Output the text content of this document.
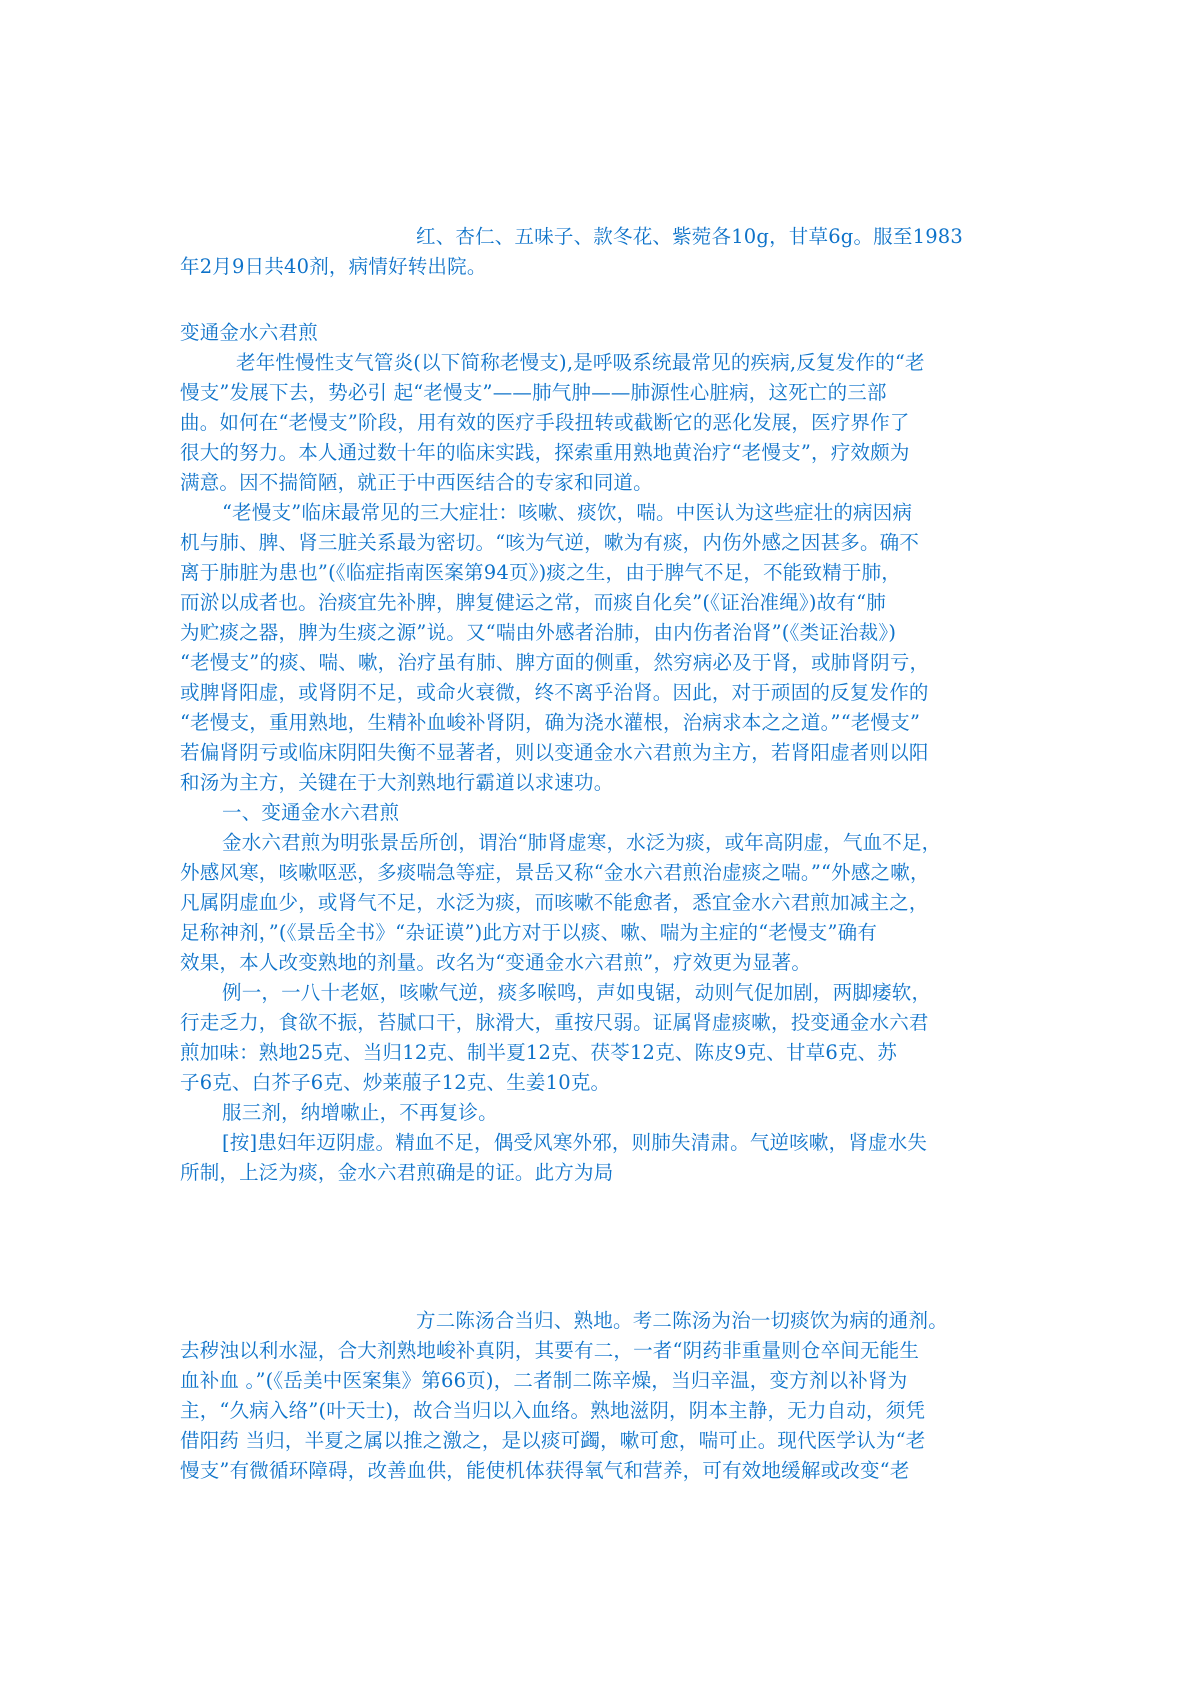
红、杏仁、五味子、款冬花、紫菀各10g，甘草6g。服至1983
年2月9日共40剂，病情好转出院。
变通金水六君煎
老年性慢性支气管炎(以下简称老慢支),是呼吸系统最常见的疾病,反复发作的“老
慢支”发展下去，势必引 起“老慢支”——肺气肿——肺源性心脏病，这死亡的三部
曲。如何在“老慢支”阶段，用有效的医疗手段扭转或截断它的恶化发展，医疗界作了
很大的努力。本人通过数十年的临床实践，探索重用熟地黄治疗“老慢支”，疗效颇为
满意。因不揣简陋，就正于中西医结合的专家和同道。
“老慢支”临床最常见的三大症壮：咳嗽、痰饮，喘。中医认为这些症壮的病因病
机与肺、脾、肾三脏关系最为密切。“咳为气逆，嗽为有痰，内伤外感之因甚多。确不
离于肺脏为患也”(《临症指南医案第94页》)痰之生，由于脾气不足，不能致精于肺，
而淤以成者也。治痰宜先补脾，脾复健运之常，而痰自化矣”(《证治准绳》)故有“肺
为贮痰之器，脾为生痰之源”说。又“喘由外感者治肺，由内伤者治肾”(《类证治裁》)
“老慢支”的痰、喘、嗽，治疗虽有肺、脾方面的侧重，然穷病必及于肾，或肺肾阴亏，
或脾肾阳虚，或肾阴不足，或命火衰微，终不离乎治肾。因此，对于顽固的反复发作的
“老慢支，重用熟地，生精补血峻补肾阴，确为浇水灌根，治病求本之之道。”“老慢支”
若偏肾阴亏或临床阴阳失衡不显著者，则以变通金水六君煎为主方，若肾阳虚者则以阳
和汤为主方，关键在于大剂熟地行霸道以求速功。
一、变通金水六君煎
金水六君煎为明张景岳所创，谓治“肺肾虚寒，水泛为痰，或年高阴虚，气血不足，
外感风寒，咳嗽呕恶，多痰喘急等症，景岳又称“金水六君煎治虚痰之喘。”“外感之嗽，
凡属阴虚血少，或肾气不足，水泛为痰，而咳嗽不能愈者，悉宜金水六君煎加减主之，
足称神剂，”(《景岳全书》“杂证谟”)此方对于以痰、嗽、喘为主症的“老慢支”确有
效果，本人改变熟地的剂量。改名为“变通金水六君煎”，疗效更为显著。
例一，一八十老妪，咳嗽气逆，痰多喉鸣，声如曳锯，动则气促加剧，两脚痿软，
行走乏力，食欲不振，苔腻口干，脉滑大，重按尺弱。证属肾虚痰嗽，投变通金水六君
煎加味：熟地25克、当归12克、制半夏12克、茯苓12克、陈皮9克、甘草6克、苏
子6克、白芥子6克、炒莱菔子12克、生姜10克。
服三剂，纳增嗽止，不再复诊。
[按]患妇年迈阴虚。精血不足，偶受风寒外邪，则肺失清肃。气逆咳嗽，肾虚水失
所制，上泛为痰，金水六君煎确是的证。此方为局
方二陈汤合当归、熟地。考二陈汤为治一切痰饮为病的通剂。
去秽浊以利水湿，合大剂熟地峻补真阴，其要有二，一者“阴药非重量则仓卒间无能生
血补血 。”(《岳美中医案集》第66页)，二者制二陈辛燥，当归辛温，变方剂以补肾为
主，“久病入络”(叶天士)，故合当归以入血络。熟地滋阴，阴本主静，无力自动，须凭
借阳药 当归，半夏之属以推之激之，是以痰可蠲，嗽可愈，喘可止。现代医学认为“老
慢支”有微循环障碍，改善血供，能使机体获得氧气和营养，可有效地缓解或改变“老
